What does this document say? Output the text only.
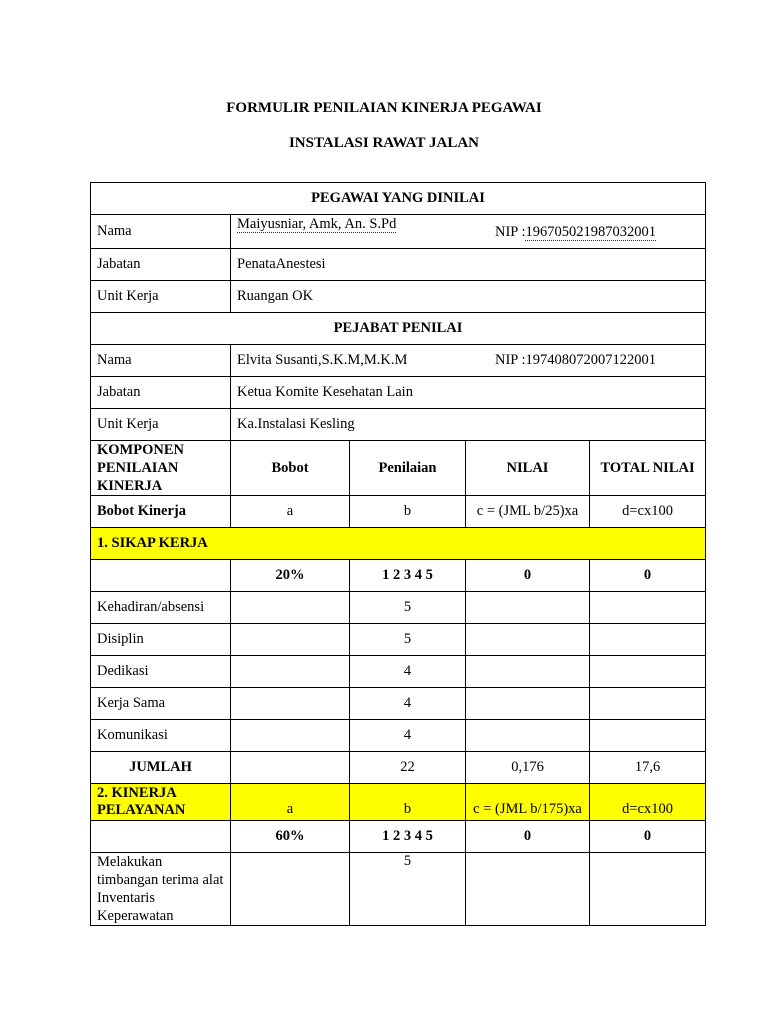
FORMULIR PENILAIAN KINERJA PEGAWAI
INSTALASI RAWAT JALAN
PEGAWAI YANG DINILAI				
Nama	Maiyusniar, Amk, An. S.Pd NIP :196705021987032001			

Jabatan	PenataAnestesi			
Unit Kerja	Ruangan OK			
PEJABAT PENILAI				
Nama	Elvita Susanti,S.K.M,M.K.M NIP :197408072007122001			

Jabatan	Ketua Komite Kesehatan Lain			
Unit Kerja	Ka.Instalasi Kesling			
KOMPONEN PENILAIAN KINERJA	Bobot	Penilaian	NILAI	TOTAL NILAI
Bobot Kinerja	a	b	c = (JML b/25)xa	d=cx100
1. SIKAP KERJA				
	20%	1 2 3 4 5	0	0
Kehadiran/absensi		5		
Disiplin		5		
Dedikasi		4		
Kerja Sama		4		
Komunikasi		4		
JUMLAH		22	0,176	17,6
2. KINERJA PELAYANAN	a	b	c = (JML b/175)xa	d=cx100
	60%	1 2 3 4 5	0	0
Melakukan timbangan terima alat Inventaris Keperawatan		5		
